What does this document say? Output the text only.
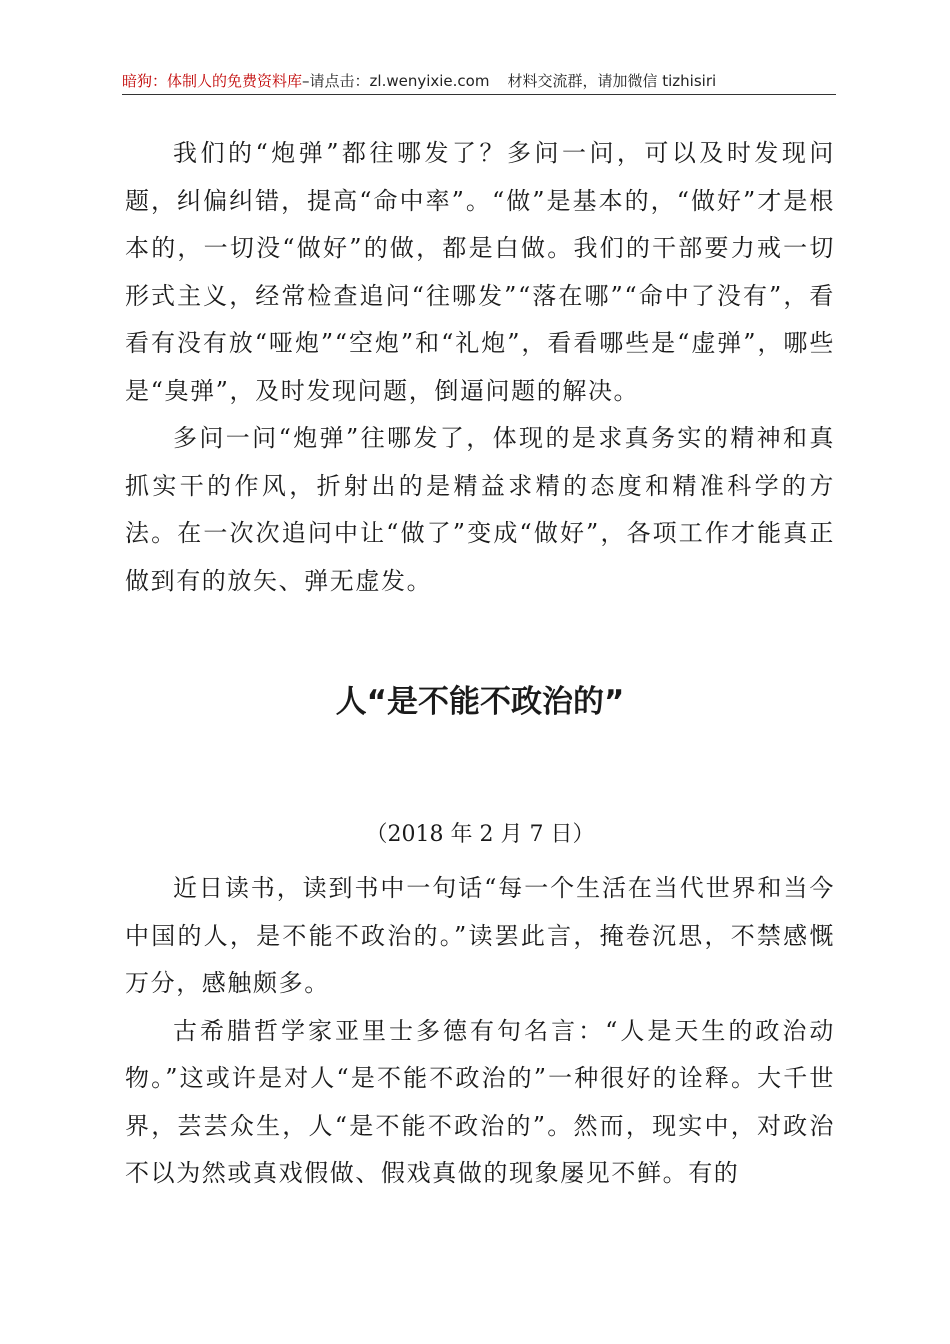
暗狗：体制人的免费资料库–请点击：zl.wenyixie.com 材料交流群，请加微信 tizhisiri

我们的“炮弹”都往哪发了？多问一问，可以及时发现问题，纠偏纠错，提高“命中率”。“做”是基本的，“做好”才是根本的，一切没“做好”的做，都是白做。我们的干部要力戒一切形式主义，经常检查追问“往哪发”“落在哪”“命中了没有”，看看有没有放“哑炮”“空炮”和“礼炮”，看看哪些是“虚弹”，哪些是“臭弹”，及时发现问题，倒逼问题的解决。

多问一问“炮弹”往哪发了，体现的是求真务实的精神和真抓实干的作风，折射出的是精益求精的态度和精准科学的方法。在一次次追问中让“做了”变成“做好”，各项工作才能真正做到有的放矢、弹无虚发。

人“是不能不政治的”
（2018 年 2 月 7 日）

近日读书，读到书中一句话“每一个生活在当代世界和当今中国的人，是不能不政治的。”读罢此言，掩卷沉思，不禁感慨万分，感触颇多。

古希腊哲学家亚里士多德有句名言：“人是天生的政治动物。”这或许是对人“是不能不政治的”一种很好的诠释。大千世界，芸芸众生，人“是不能不政治的”。然而，现实中，对政治不以为然或真戏假做、假戏真做的现象屡见不鲜。有的
